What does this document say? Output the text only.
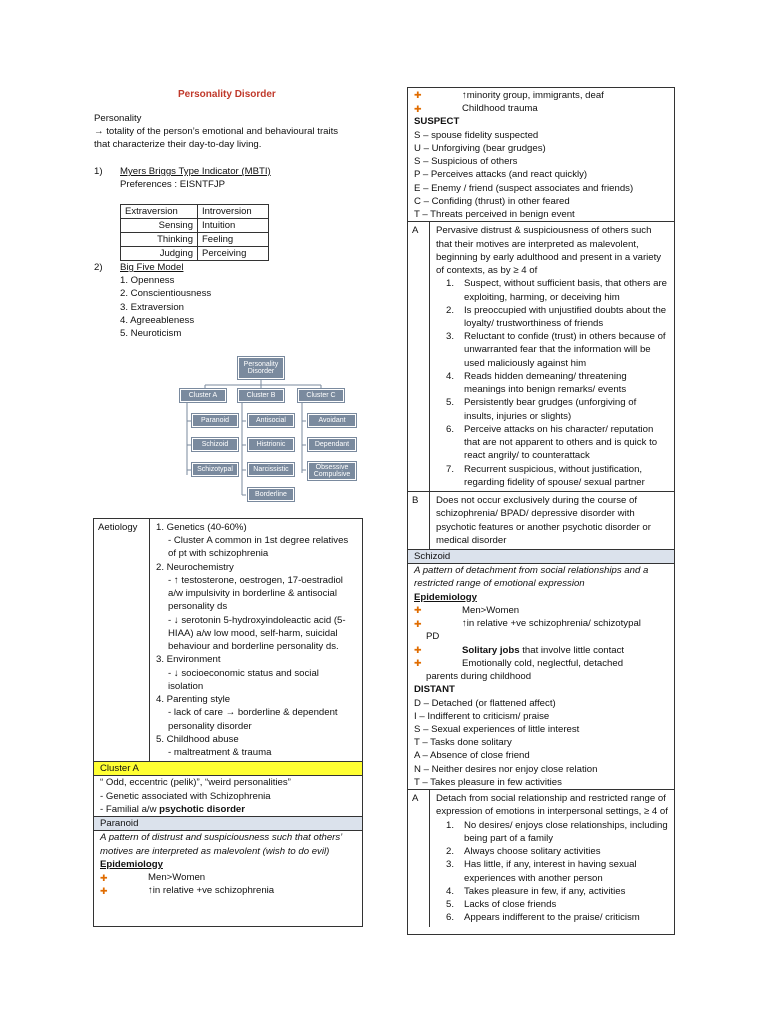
Personality Disorder
Personality
→ totality of the person’s emotional and behavioural traits that characterize their day-to-day living.
1)	Myers Briggs Type Indicator (MBTI)
Preferences : EISNTFJP
Extraversion	Introversion
Sensing	Intuition
Thinking	Feeling
Judging	Perceiving
2)	Big Five Model
1. Openness
2. Conscientiousness
3. Extraversion
4. Agreeableness
5. Neuroticism
Personality Disorder
Cluster A	Cluster B	Cluster C
Paranoid
Schizoid
Schizotypal
Antisocial
Histrionic
Narcissistic
Borderline
Avoidant
Dependant
Obsessive Compulsive
Aetiology	1. Genetics (40-60%)
- Cluster A common in 1st degree relatives of pt with schizophrenia
2. Neurochemistry
- ↑ testosterone, oestrogen, 17-oestradiol a/w impulsivity in borderline & antisocial personality ds
- ↓ serotonin 5-hydroxyindoleactic acid (5-HIAA) a/w low mood, self-harm, suicidal behaviour and borderline personality ds.
3. Environment
- ↓ socioeconomic status and social isolation
4. Parenting style
- lack of care → borderline & dependent personality disorder
5. Childhood abuse
- maltreatment & trauma
Cluster A
“ Odd, eccentric (pelik)”, “weird personalities”
- Genetic associated with Schizophrenia
- Familial a/w psychotic disorder
Paranoid
A pattern of distrust and suspiciousness such that others’ motives are interpreted as malevolent (wish to do evil)
Epidemiology
✚	Men>Women
✚	↑in relative +ve schizophrenia
✚	↑minority group, immigrants, deaf
✚	Childhood trauma
SUSPECT
S – spouse fidelity suspected
U – Unforgiving (bear grudges)
S – Suspicious of others
P – Perceives attacks (and react quickly)
E – Enemy / friend (suspect associates and friends)
C – Confiding (thrust) in other feared
T – Threats perceived in benign event
A	Pervasive distrust & suspiciousness of others such that their motives are interpreted as malevolent, beginning by early adulthood and present in a variety of contexts, as by ≥ 4 of
1.	Suspect, without sufficient basis, that others are exploiting, harming, or deceiving him
2.	Is preoccupied with unjustified doubts about the loyalty/ trustworthiness of friends
3.	Reluctant to confide (trust) in others because of unwarranted fear that the information will be used maliciously against him
4.	Reads hidden demeaning/ threatening meanings into benign remarks/ events
5.	Persistently bear grudges (unforgiving of insults, injuries or slights)
6.	Perceive attacks on his character/ reputation that are not apparent to others and is quick to react angrily/ to counterattack
7.	Recurrent suspicious, without justification, regarding fidelity of spouse/ sexual partner
B	Does not occur exclusively during the course of schizophrenia/ BPAD/ depressive disorder with psychotic features or another psychotic disorder or medical disorder
Schizoid
A pattern of detachment from social relationships and a restricted range of emotional expression
Epidemiology
✚	Men>Women
✚	↑in relative +ve schizophrenia/ schizotypal
PD
✚	Solitary jobs that involve little contact
✚	Emotionally cold, neglectful, detached
parents during childhood
DISTANT
D – Detached (or flattened affect)
I – Indifferent to criticism/ praise
S – Sexual experiences of little interest
T – Tasks done solitary
A – Absence of close friend
N – Neither desires nor enjoy close relation
T – Takes pleasure in few activities
A	Detach from social relationship and restricted range of expression of emotions in interpersonal settings, ≥ 4 of
1.	No desires/ enjoys close relationships, including being part of a family
2.	Always choose solitary activities
3.	Has little, if any, interest in having sexual experiences with another person
4.	Takes pleasure in few, if any, activities
5.	Lacks of close friends
6.	Appears indifferent to the praise/ criticism
